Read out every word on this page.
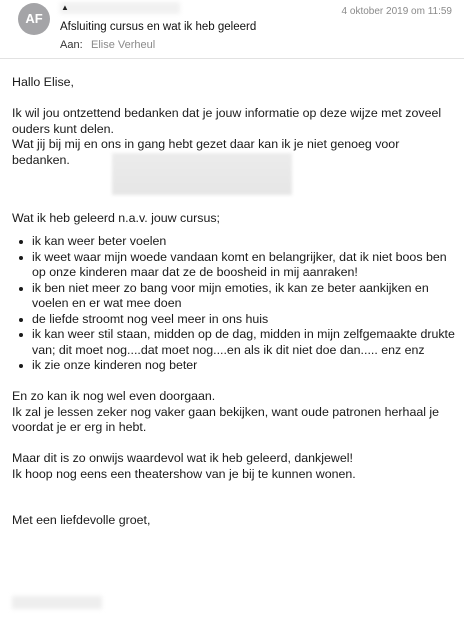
AF
▲	4 oktober 2019 om 11:59
Afsluiting cursus en wat ik heb geleerd
Aan: Elise Verheul

Hallo Elise,

Ik wil jou ontzettend bedanken dat je jouw informatie op deze wijze met zoveel ouders kunt delen.

Wat jij bij mij en ons in gang hebt gezet daar kan ik je niet genoeg voor bedanken.

Wat ik heb geleerd n.a.v. jouw cursus;

ik kan weer beter voelen
ik weet waar mijn woede vandaan komt en belangrijker, dat ik niet boos ben op onze kinderen maar dat ze de boosheid in mij aanraken!
ik ben niet meer zo bang voor mijn emoties, ik kan ze beter aankijken en voelen en er wat mee doen
de liefde stroomt nog veel meer in ons huis
ik kan weer stil staan, midden op de dag, midden in mijn zelfgemaakte drukte van; dit moet nog....dat moet nog....en als ik dit niet doe dan..... enz enz
ik zie onze kinderen nog beter

En zo kan ik nog wel even doorgaan.

Ik zal je lessen zeker nog vaker gaan bekijken, want oude patronen herhaal je voordat je er erg in hebt.

Maar dit is zo onwijs waardevol wat ik heb geleerd, dankjewel!

Ik hoop nog eens een theatershow van je bij te kunnen wonen.

Met een liefdevolle groet,
